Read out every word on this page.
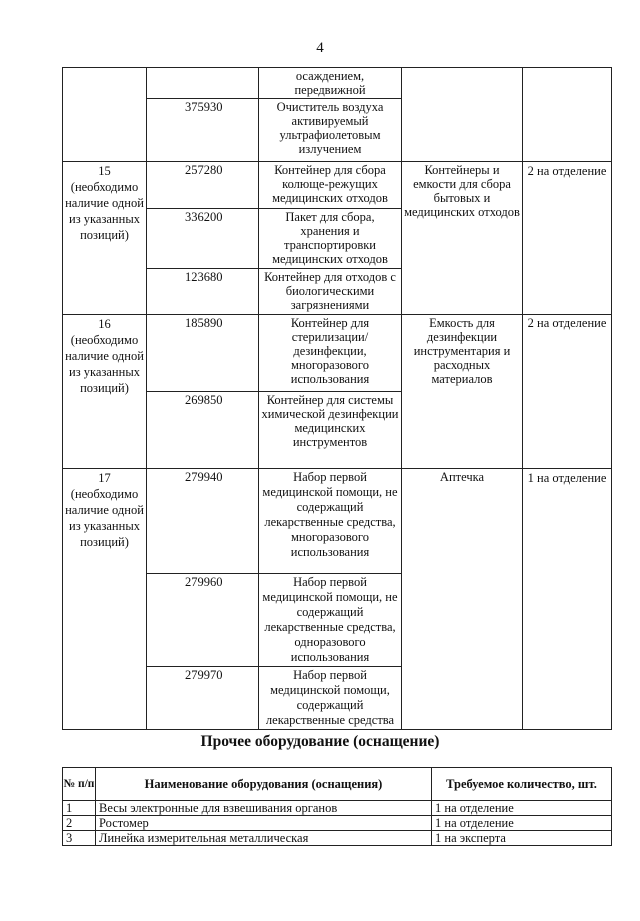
4
		осаждением, передвижной		
	375930	Очиститель воздуха активируемый ультрафиолетовым излучением		
15 (необходимо наличие одной из указанных позиций)	257280	Контейнер для сбора колюще-режущих медицинских отходов	Контейнеры и емкости для сбора бытовых и медицинских отходов	2 на отделение
	336200	Пакет для сбора, хранения и транспортировки медицинских отходов		
	123680	Контейнер для отходов с биологическими загрязнениями		
16 (необходимо наличие одной из указанных позиций)	185890	Контейнер для стерилизации/ дезинфекции, многоразового использования	Емкость для дезинфекции инструментария и расходных материалов	2 на отделение
	269850	Контейнер для системы химической дезинфекции медицинских инструментов		
17 (необходимо наличие одной из указанных позиций)	279940	Набор первой медицинской помощи, не содержащий лекарственные средства, многоразового использования	Аптечка	1 на отделение
	279960	Набор первой медицинской помощи, не содержащий лекарственные средства, одноразового использования		
	279970	Набор первой медицинской помощи, содержащий лекарственные средства		
Прочее оборудование (оснащение)
№ п/п	Наименование оборудования (оснащения)	Требуемое количество, шт.
1	Весы электронные для взвешивания органов	1 на отделение
2	Ростомер	1 на отделение
3	Линейка измерительная металлическая	1 на эксперта
